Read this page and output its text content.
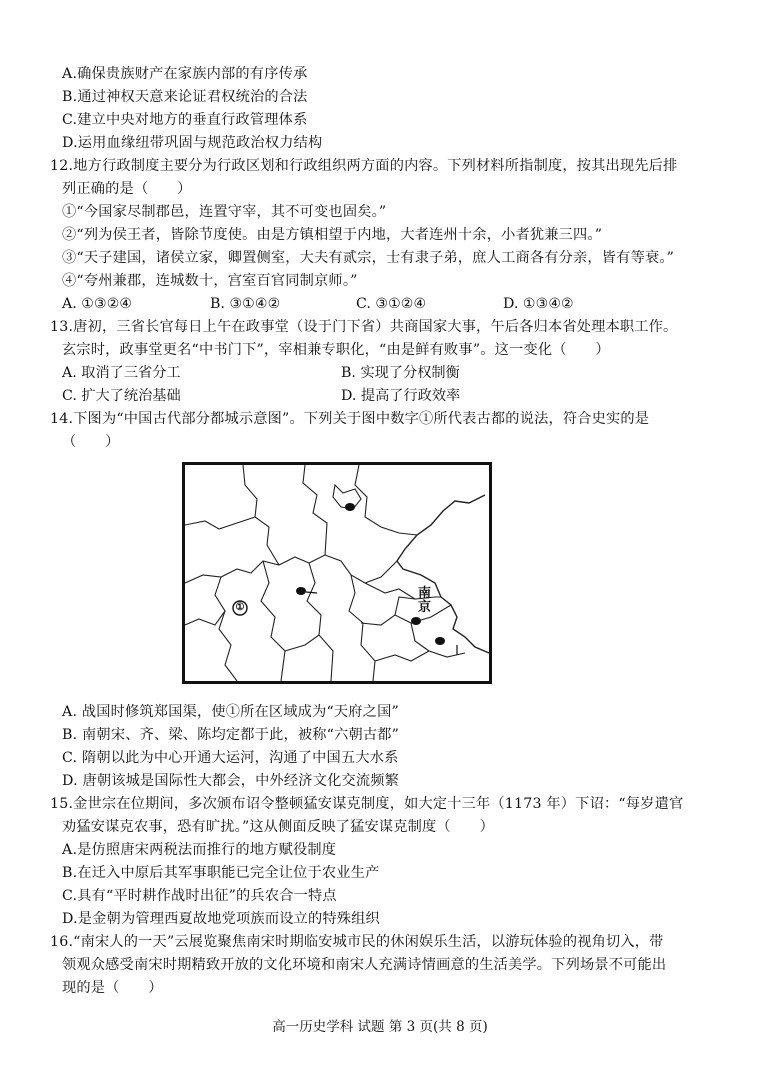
A.确保贵族财产在家族内部的有序传承
B.通过神权天意来论证君权统治的合法
C.建立中央对地方的垂直行政管理体系
D.运用血缘纽带巩固与规范政治权力结构
12.地方行政制度主要分为行政区划和行政组织两方面的内容。下列材料所指制度，按其出现先后排
列正确的是（　　）
①“今国家尽制郡邑，连置守宰，其不可变也固矣。”
②“列为侯王者，皆除节度使。由是方镇相望于内地，大者连州十余，小者犹兼三四。”
③“天子建国，诸侯立家，卿置侧室，大夫有贰宗，士有隶子弟，庶人工商各有分亲，皆有等衰。”
④“夸州兼郡，连城数十，宫室百官同制京师。”
A. ①③②④	B. ③①④②	C. ③①②④	D. ①③④②
13.唐初，三省长官每日上午在政事堂（设于门下省）共商国家大事，午后各归本省处理本职工作。
玄宗时，政事堂更名“中书门下”，宰相兼专职化，“由是鲜有败事”。这一变化（　　）
A. 取消了三省分工	B. 实现了分权制衡
C. 扩大了统治基础	D. 提高了行政效率
14.下图为“中国古代部分都城示意图”。下列关于图中数字①所代表古都的说法，符合史实的是
（　　）
①
南京
A. 战国时修筑郑国渠，使①所在区域成为“天府之国”
B. 南朝宋、齐、梁、陈均定都于此，被称“六朝古都”
C. 隋朝以此为中心开通大运河，沟通了中国五大水系
D. 唐朝该城是国际性大都会，中外经济文化交流频繁
15.金世宗在位期间，多次颁布诏令整顿猛安谋克制度，如大定十三年（1173 年）下诏：“每岁遣官
劝猛安谋克农事，恐有旷扰。”这从侧面反映了猛安谋克制度（　　）
A.是仿照唐宋两税法而推行的地方赋役制度
B.在迁入中原后其军事职能已完全让位于农业生产
C.具有“平时耕作战时出征”的兵农合一特点
D.是金朝为管理西夏故地党项族而设立的特殊组织
16.“南宋人的一天”云展览聚焦南宋时期临安城市民的休闲娱乐生活，以游玩体验的视角切入，带
领观众感受南宋时期精致开放的文化环境和南宋人充满诗情画意的生活美学。下列场景不可能出
现的是（　　）
高一历史学科 试题 第 3 页(共 8 页)
